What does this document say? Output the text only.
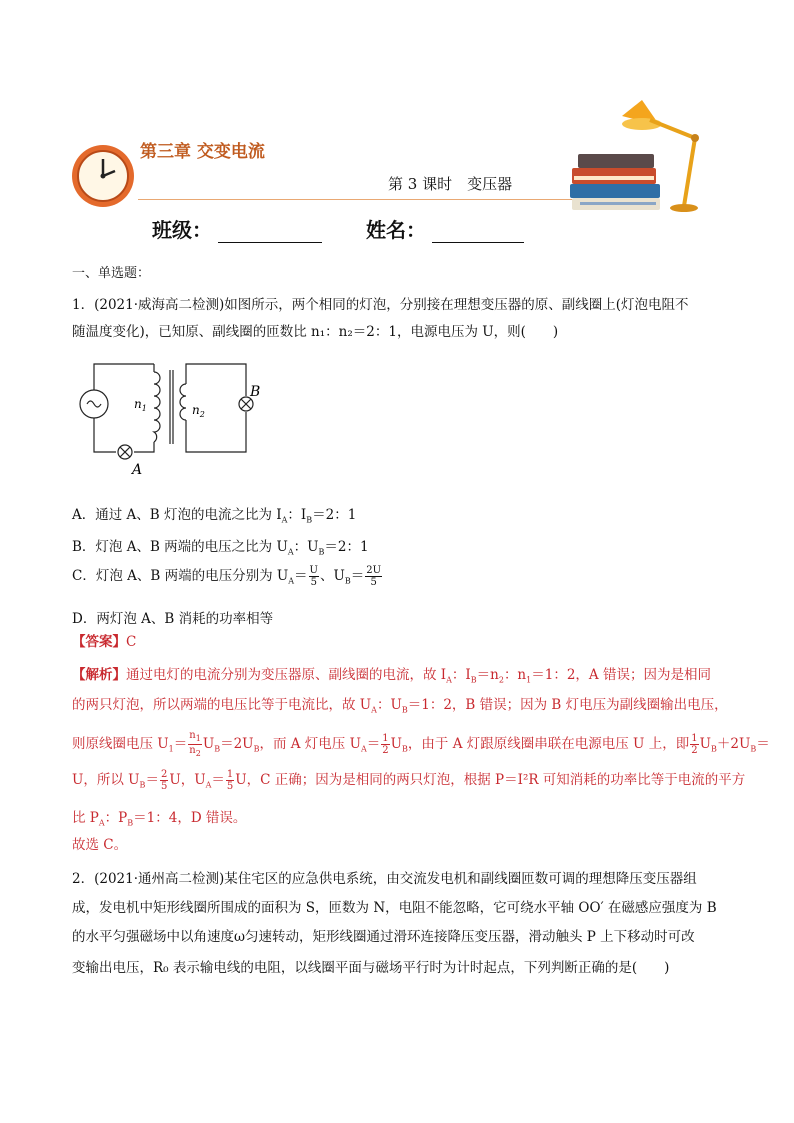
第三章 交变电流
第 3 课时　变压器
班级：	姓名：
一、单选题：
1．(2021·威海高二检测)如图所示，两个相同的灯泡，分别接在理想变压器的原、副线圈上(灯泡电阻不
随温度变化)，已知原、副线圈的匝数比 n₁：n₂＝2：1，电源电压为 U，则(　　)
$n_1$	$n_2$
A
B
A．通过 A、B 灯泡的电流之比为 $I_A$：$I_B=2$：1
B．灯泡 A、B 两端的电压之比为 $U_A$：$U_B=2$：1
C．灯泡 A、B 两端的电压分别为 $U_A= \frac{U}{5}$ 、$U_B= \frac{2U}{5}$
D．两灯泡 A、B 消耗的功率相等
【答案】C
【解析】通过电灯的电流分别为变压器原、副线圈的电流，故 $I_A$：$I_B=n_2$：$n_1=1$：2，A 错误；因为是相同
的两只灯泡，所以两端的电压比等于电流比，故 $U_A$：$U_B=1$：2，B 错误；因为 B 灯电压为副线圈输出电压，
则原线圈电压 $U_1= \frac{n_1}{n_2} U_B=2U_B$，而 A 灯电压 $U_A= \frac{1}{2} U_B$，由于 A 灯跟原线圈串联在电源电压 U 上，即 $\frac{1}{2} U_B+2U_B=$
U，所以 $U_B= \frac{2}{5}$ U，$U_A= \frac{1}{5}$ U，C 正确；因为是相同的两只灯泡，根据 P＝I²R 可知消耗的功率比等于电流的平方
比 $P_A$：$P_B=1$：4，D 错误。
故选 C。
2．(2021·通州高二检测)某住宅区的应急供电系统，由交流发电机和副线圈匝数可调的理想降压变压器组
成，发电机中矩形线圈所围成的面积为 S，匝数为 N，电阻不能忽略，它可绕水平轴 OO′ 在磁感应强度为 B
的水平匀强磁场中以角速度ω匀速转动，矩形线圈通过滑环连接降压变压器，滑动触头 P 上下移动时可改
变输出电压，R₀ 表示输电线的电阻，以线圈平面与磁场平行时为计时起点，下列判断正确的是(　　)
